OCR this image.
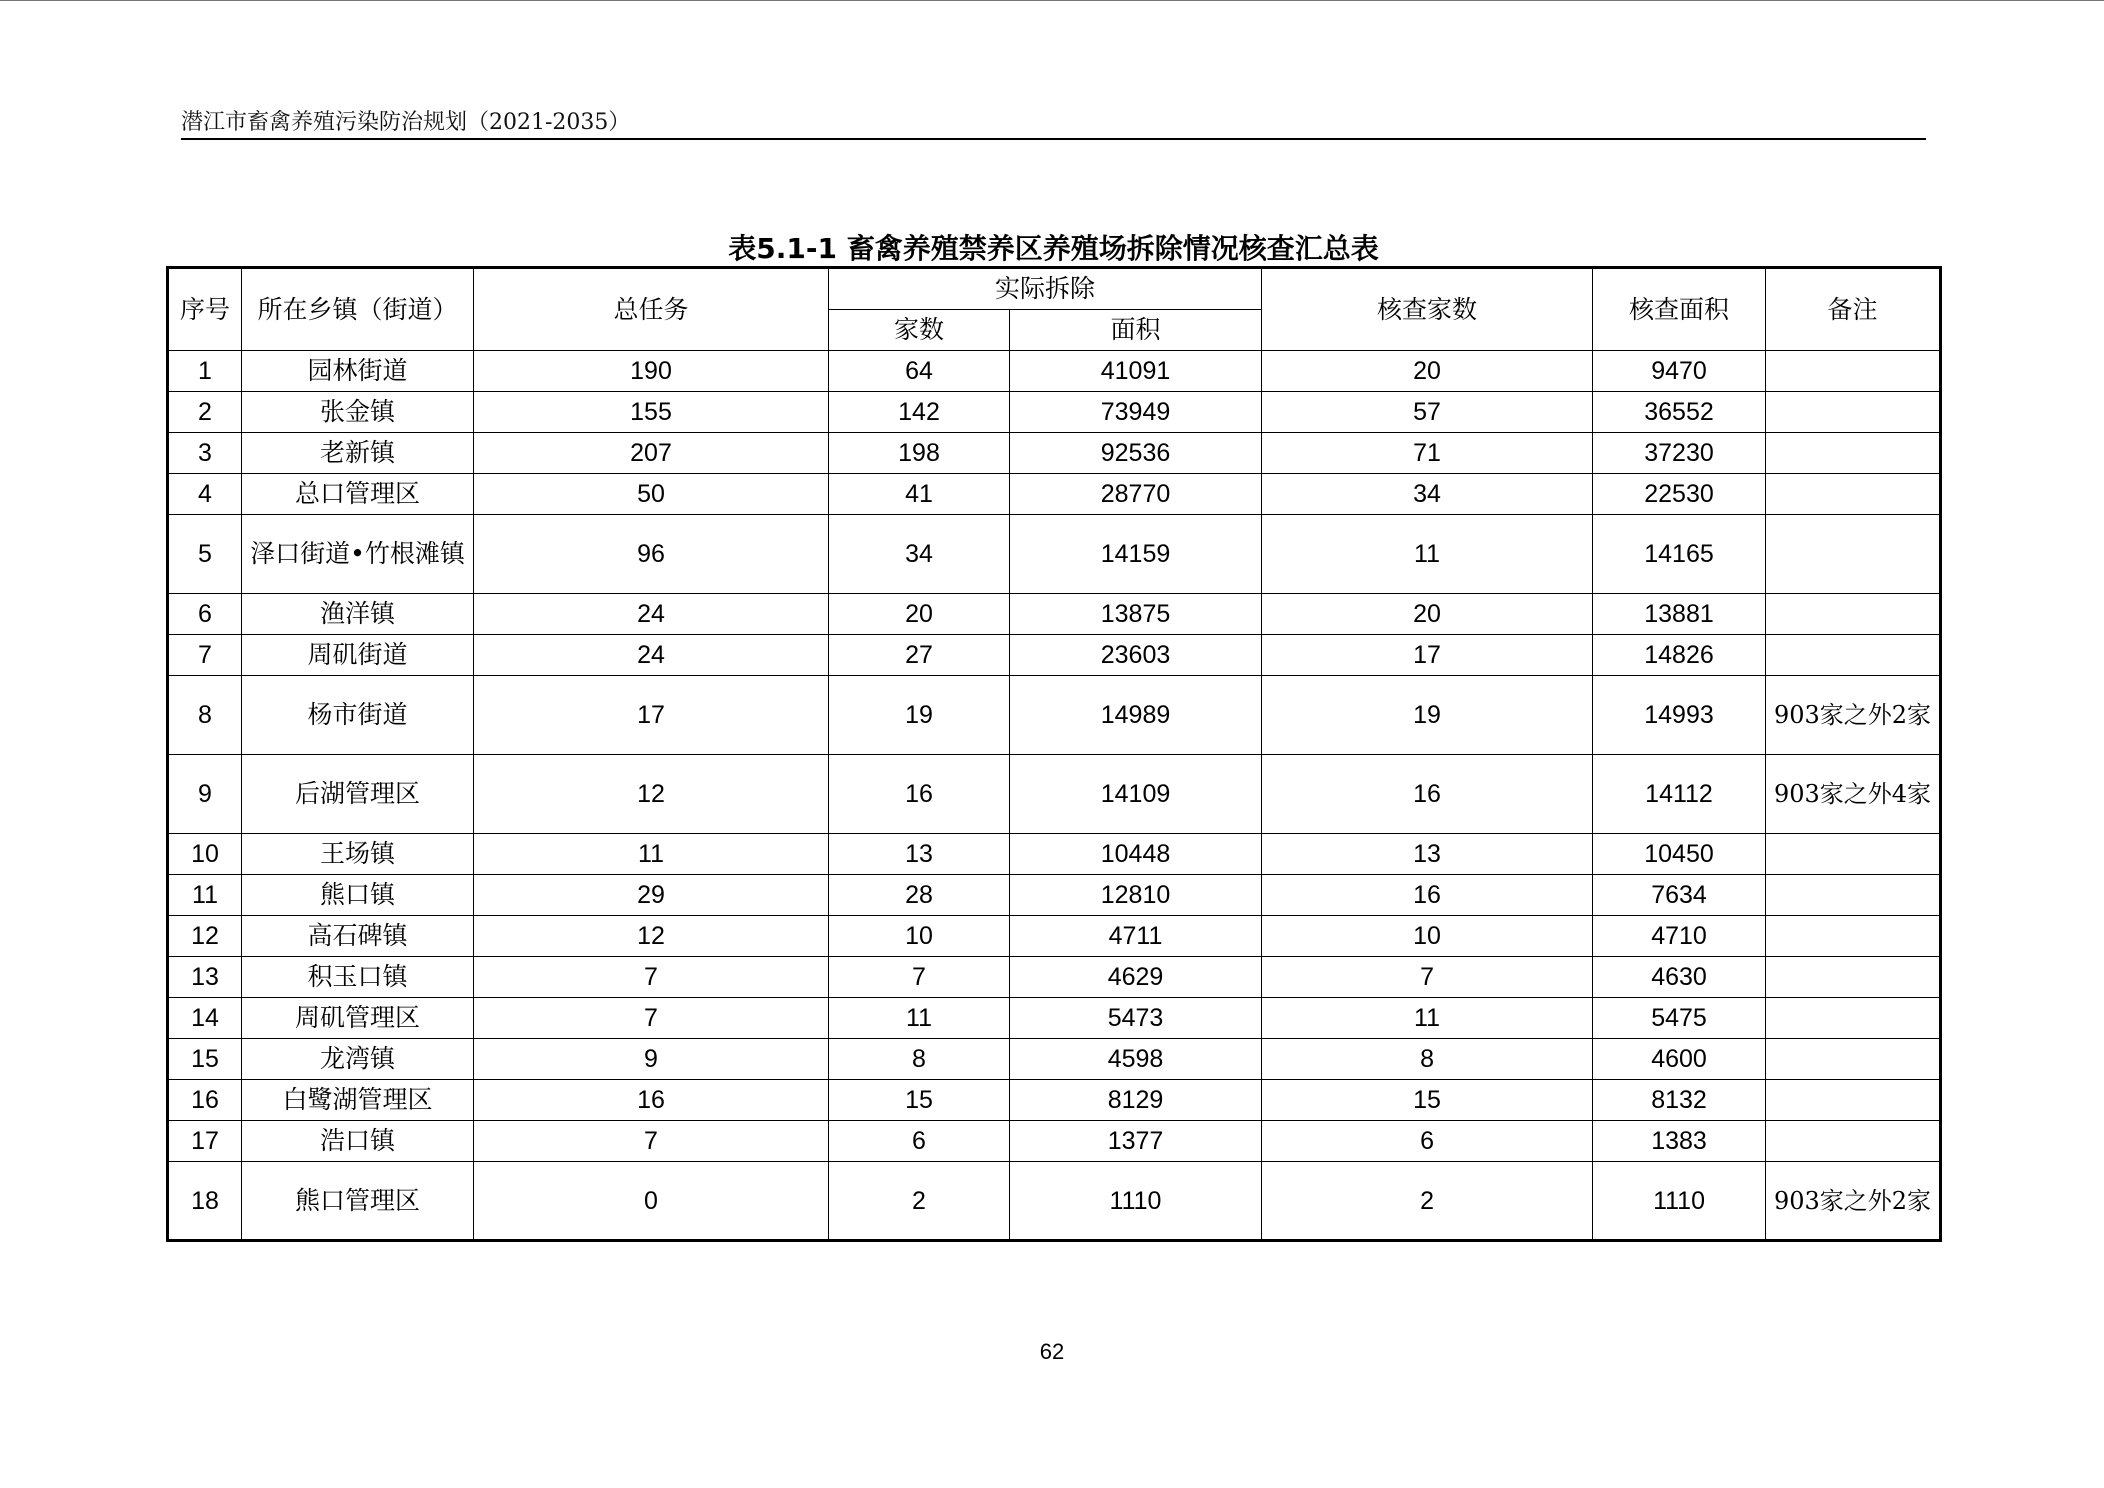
潜江市畜禽养殖污染防治规划（2021-2035）
表5.1-1 畜禽养殖禁养区养殖场拆除情况核查汇总表
序号	所在乡镇（街道）	总任务	实际拆除		核查家数	核查面积	备注
			家数	面积			
1	园林街道	190	64	41091	20	9470	
2	张金镇	155	142	73949	57	36552	
3	老新镇	207	198	92536	71	37230	
4	总口管理区	50	41	28770	34	22530	
5	泽口街道•竹根滩镇	96	34	14159	11	14165	
6	渔洋镇	24	20	13875	20	13881	
7	周矶街道	24	27	23603	17	14826	
8	杨市街道	17	19	14989	19	14993	903家之外2家
9	后湖管理区	12	16	14109	16	14112	903家之外4家
10	王场镇	11	13	10448	13	10450	
11	熊口镇	29	28	12810	16	7634	
12	高石碑镇	12	10	4711	10	4710	
13	积玉口镇	7	7	4629	7	4630	
14	周矶管理区	7	11	5473	11	5475	
15	龙湾镇	9	8	4598	8	4600	
16	白鹭湖管理区	16	15	8129	15	8132	
17	浩口镇	7	6	1377	6	1383	
18	熊口管理区	0	2	1110	2	1110	903家之外2家
62
